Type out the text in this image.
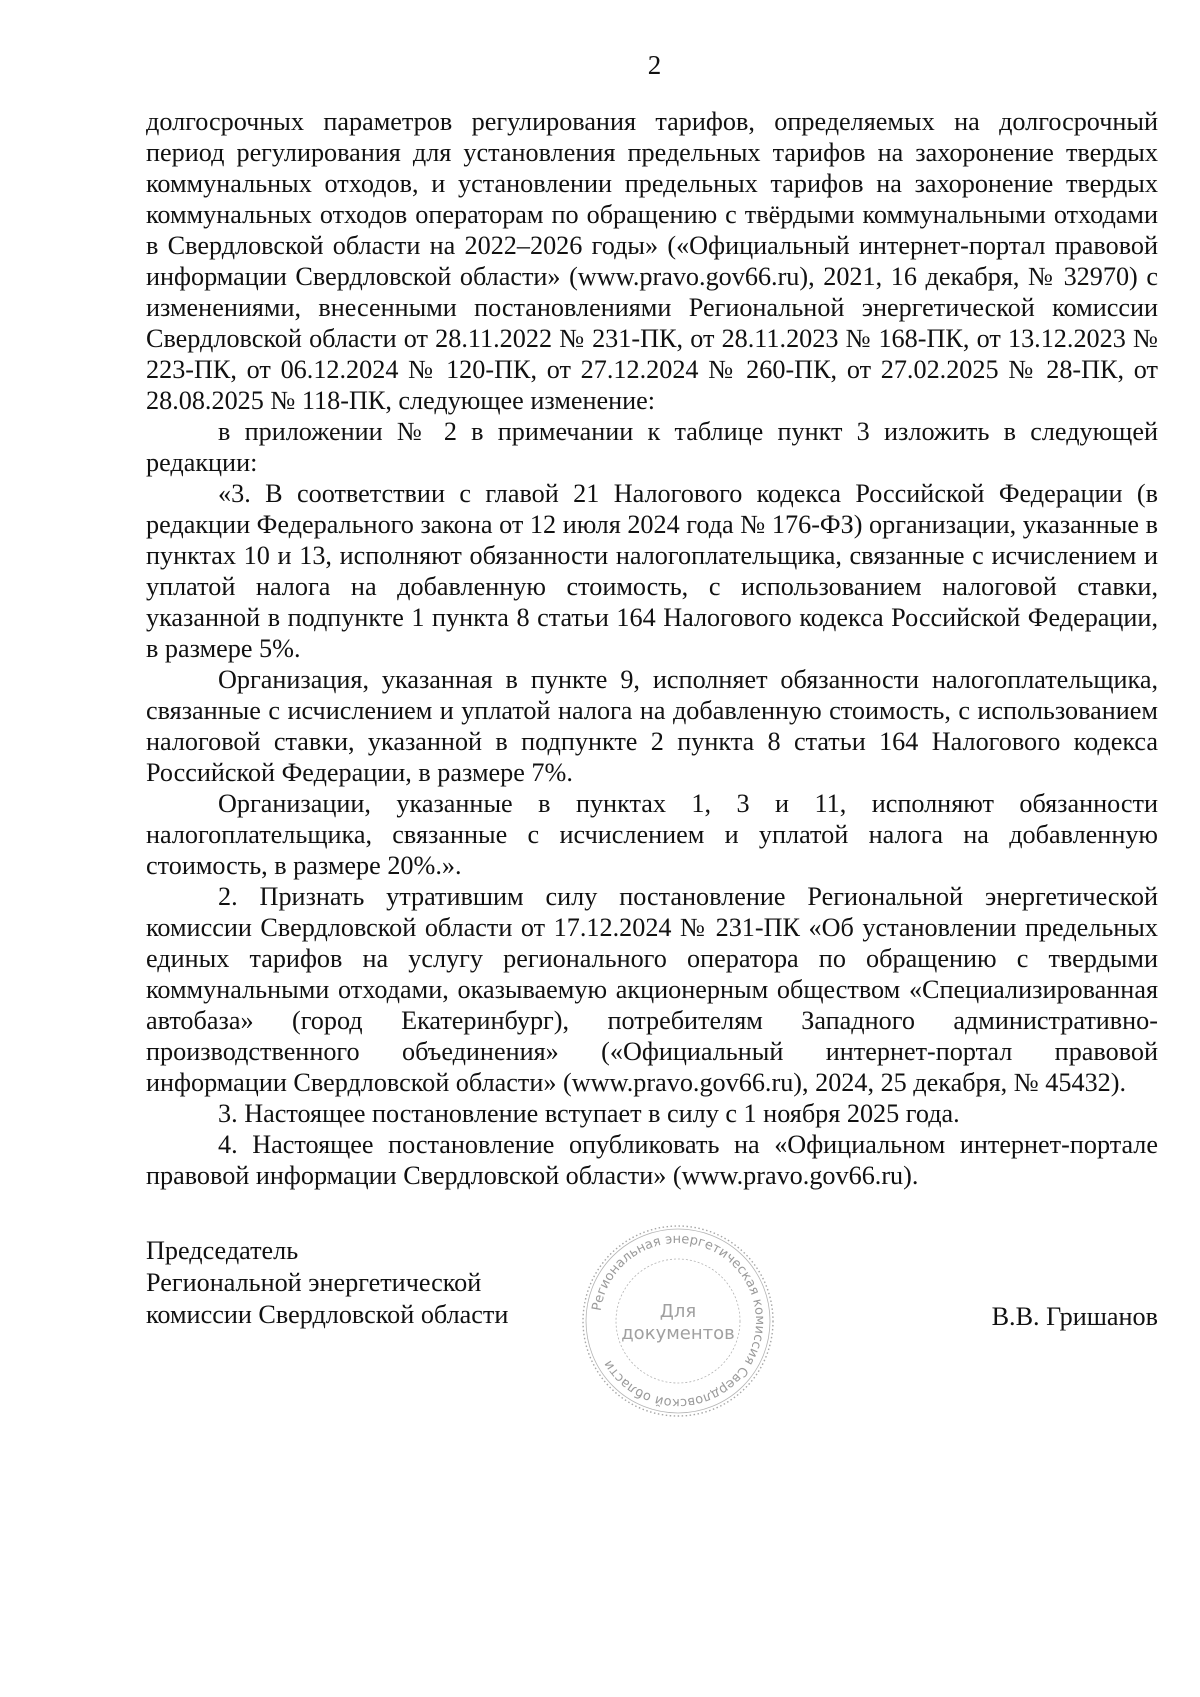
2

долгосрочных параметров регулирования тарифов, определяемых на долгосрочный период регулирования для установления предельных тарифов на захоронение твердых коммунальных отходов, и установлении предельных тарифов на захоронение твердых коммунальных отходов операторам по обращению с твёрдыми коммунальными отходами в Свердловской области на 2022–2026 годы» («Официальный интернет-портал правовой информации Свердловской области» (www.pravo.gov66.ru), 2021, 16 декабря, № 32970) с изменениями, внесенными постановлениями Региональной энергетической комиссии Свердловской области от 28.11.2022 № 231-ПК, от 28.11.2023 № 168-ПК, от 13.12.2023 № 223-ПК, от 06.12.2024 № 120-ПК, от 27.12.2024 № 260-ПК, от 27.02.2025 № 28-ПК, от 28.08.2025 № 118-ПК, следующее изменение:

в приложении № 2 в примечании к таблице пункт 3 изложить в следующей редакции:

«3. В соответствии с главой 21 Налогового кодекса Российской Федерации (в редакции Федерального закона от 12 июля 2024 года № 176-ФЗ) организации, указанные в пунктах 10 и 13, исполняют обязанности налогоплательщика, связанные с исчислением и уплатой налога на добавленную стоимость, с использованием налоговой ставки, указанной в подпункте 1 пункта 8 статьи 164 Налогового кодекса Российской Федерации, в размере 5%.

Организация, указанная в пункте 9, исполняет обязанности налогоплательщика, связанные с исчислением и уплатой налога на добавленную стоимость, с использованием налоговой ставки, указанной в подпункте 2 пункта 8 статьи 164 Налогового кодекса Российской Федерации, в размере 7%.

Организации, указанные в пунктах 1, 3 и 11, исполняют обязанности налогоплательщика, связанные с исчислением и уплатой налога на добавленную стоимость, в размере 20%.».

2. Признать утратившим силу постановление Региональной энергетической комиссии Свердловской области от 17.12.2024 № 231-ПК «Об установлении предельных единых тарифов на услугу регионального оператора по обращению с твердыми коммунальными отходами, оказываемую акционерным обществом «Специализированная автобаза» (город Екатеринбург), потребителям Западного административно-производственного объединения» («Официальный интернет-портал правовой информации Свердловской области» (www.pravo.gov66.ru), 2024, 25 декабря, № 45432).

3. Настоящее постановление вступает в силу с 1 ноября 2025 года.

4. Настоящее постановление опубликовать на «Официальном интернет-портале правовой информации Свердловской области» (www.pravo.gov66.ru).

Председатель
Региональной энергетической
комиссии Свердловской области	Региональная энергетическая комиссия Свердловской области
Для
документов
В.В. Гришанов
